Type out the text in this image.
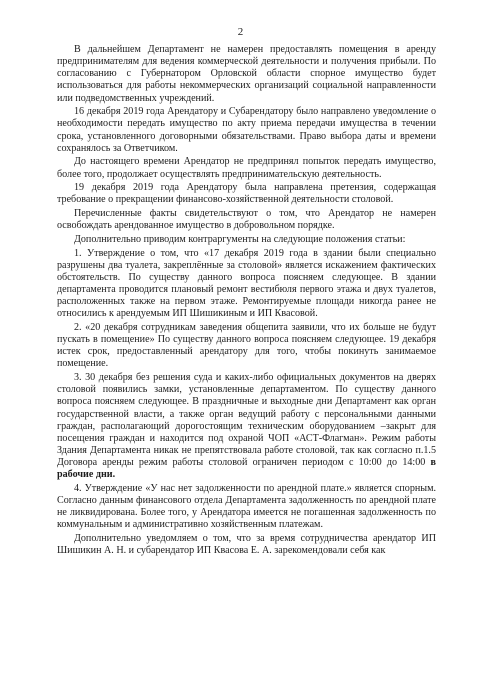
2

В дальнейшем Департамент не намерен предоставлять помещения в аренду предпринимателям для ведения коммерческой деятельности и получения прибыли. По согласованию с Губернатором Орловской области спорное имущество будет использоваться для работы некоммерческих организаций социальной направленности или подведомственных учреждений.

16 декабря 2019 года Арендатору и Субарендатору было направлено уведомление о необходимости передать имущество по акту приема передачи имущества в течении срока, установленного договорными обязательствами. Право выбора даты и времени сохранялось за Ответчиком.

До настоящего времени Арендатор не предпринял попыток передать имущество, более того, продолжает осуществлять предпринимательскую деятельность.

19 декабря 2019 года Арендатору была направлена претензия, содержащая требование о прекращении финансово-хозяйственной деятельности столовой.

Перечисленные факты свидетельствуют о том, что Арендатор не намерен освобождать арендованное имущество в добровольном порядке.

Дополнительно приводим контраргументы на следующие положения статьи:

1. Утверждение о том, что «17 декабря 2019 года в здании были специально разрушены два туалета, закреплённые за столовой» является искажением фактических обстоятельств. По существу данного вопроса поясняем следующее. В здании департамента проводится плановый ремонт вестибюля первого этажа и двух туалетов, расположенных также на первом этаже. Ремонтируемые площади никогда ранее не относились к арендуемым ИП Шишикиным и ИП Квасовой.

2. «20 декабря сотрудникам заведения общепита заявили, что их больше не будут пускать в помещение» По существу данного вопроса поясняем следующее. 19 декабря истек срок, предоставленный арендатору для того, чтобы покинуть занимаемое помещение.

3. 30 декабря без решения суда и каких-либо официальных документов на дверях столовой появились замки, установленные департаментом. По существу данного вопроса поясняем следующее. В праздничные и выходные дни Департамент как орган государственной власти, а также орган ведущий работу с персональными данными граждан, располагающий дорогостоящим техническим оборудованием –закрыт для посещения граждан и находится под охраной ЧОП «АСТ-Флагман». Режим работы Здания Департамента никак не препятствовала работе столовой, так как согласно п.1.5 Договора аренды режим работы столовой ограничен периодом с 10:00 до 14:00 в рабочие дни.

4. Утверждение «У нас нет задолженности по арендной плате.» является спорным. Согласно данным финансового отдела Департамента задолженность по арендной плате не ликвидирована. Более того, у Арендатора имеется не погашенная задолженность по коммунальным и административно хозяйственным платежам.

Дополнительно уведомляем о том, что за время сотрудничества арендатор ИП Шишикин А. Н. и субарендатор ИП Квасова Е. А. зарекомендовали себя как
